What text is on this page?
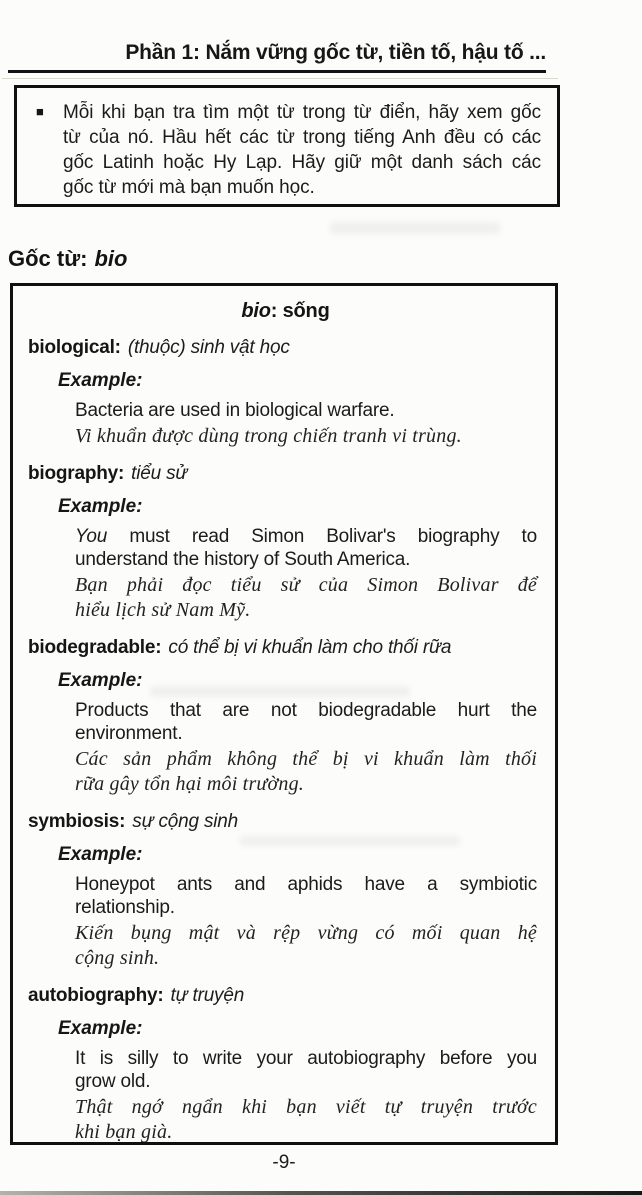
Phần 1: Nắm vững gốc từ, tiền tố, hậu tố ...
■	Mỗi khi bạn tra tìm một từ trong từ điển, hãy xem gốc
từ của nó. Hầu hết các từ trong tiếng Anh đều có các
gốc Latinh hoặc Hy Lạp. Hãy giữ một danh sách các
gốc từ mới mà bạn muốn học.
Gốc từ: bio
bio: sống
biological: (thuộc) sinh vật học
Example:
Bacteria are used in biological warfare.
Vi khuẩn được dùng trong chiến tranh vi trùng.
biography: tiểu sử
Example:
You must read Simon Bolivar's biography to
understand the history of South America.
Bạn phải đọc tiểu sử của Simon Bolivar để
hiểu lịch sử Nam Mỹ.
biodegradable: có thể bị vi khuẩn làm cho thối rữa
Example:
Products that are not biodegradable hurt the
environment.
Các sản phẩm không thể bị vi khuẩn làm thối
rữa gây tổn hại môi trường.
symbiosis: sự cộng sinh
Example:
Honeypot ants and aphids have a symbiotic
relationship.
Kiến bụng mật và rệp vừng có mối quan hệ
cộng sinh.
autobiography: tự truyện
Example:
It is silly to write your autobiography before you
grow old.
Thật ngớ ngẩn khi bạn viết tự truyện trước
khi bạn già.
-9-
